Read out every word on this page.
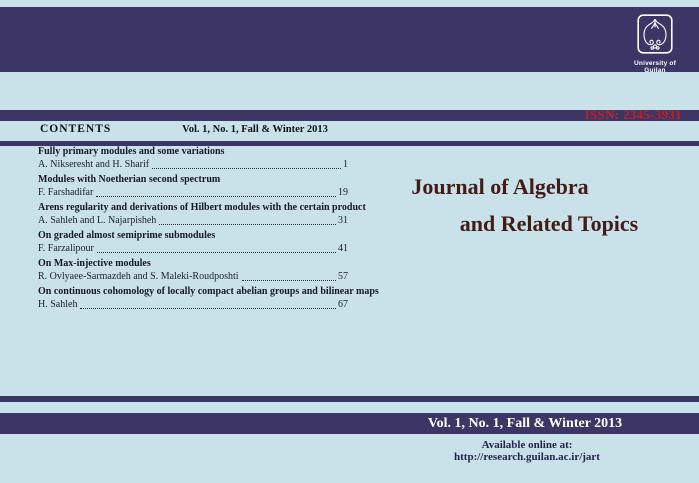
University of
Guilan
ISSN: 2345-3931
CONTENTS	Vol. 1, No. 1, Fall & Winter 2013
Fully primary modules and some variations
A. Nikseresht and H. Sharif	1
Modules with Noetherian second spectrum
F. Farshadifar	19
Arens regularity and derivations of Hilbert modules with the certain product
A. Sahleh and L. Najarpisheh	31
On graded almost semiprime submodules
F. Farzalipour	41
On Max-injective modules
R. Ovlyaee-Sarmazdeh and S. Maleki-Roudposhti	57
On continuous cohomology of locally compact abelian groups and bilinear maps
H. Sahleh	67
Journal of Algebra
and Related Topics
Vol. 1, No. 1, Fall & Winter 2013
Available online at:
http://research.guilan.ac.ir/jart
